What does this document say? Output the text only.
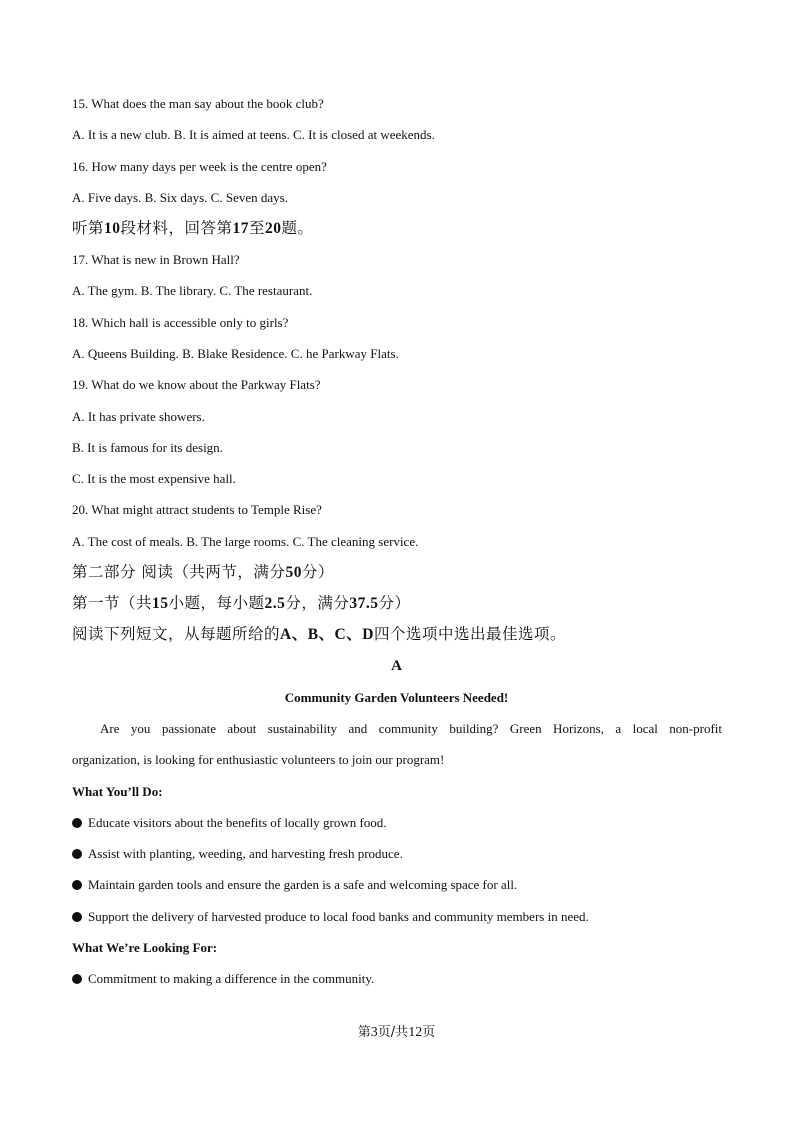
15. What does the man say about the book club?

A. It is a new club. B. It is aimed at teens. C. It is closed at weekends.

16. How many days per week is the centre open?

A. Five days. B. Six days. C. Seven days.

听第10段材料，回答第17至20题。

17. What is new in Brown Hall?

A. The gym. B. The library. C. The restaurant.

18. Which hall is accessible only to girls?

A. Queens Building. B. Blake Residence. C. he Parkway Flats.

19. What do we know about the Parkway Flats?

A. It has private showers.

B. It is famous for its design.

C. It is the most expensive hall.

20. What might attract students to Temple Rise?

A. The cost of meals. B. The large rooms. C. The cleaning service.

第二部分 阅读（共两节，满分50分）

第一节（共15小题，每小题2.5分，满分37.5分）

阅读下列短文，从每题所给的A、B、C、D四个选项中选出最佳选项。

A

Community Garden Volunteers Needed!

Are you passionate about sustainability and community building? Green Horizons, a local non-profit

organization, is looking for enthusiastic volunteers to join our program!

What You’ll Do:

Educate visitors about the benefits of locally grown food.

Assist with planting, weeding, and harvesting fresh produce.

Maintain garden tools and ensure the garden is a safe and welcoming space for all.

Support the delivery of harvested produce to local food banks and community members in need.

What We’re Looking For:

Commitment to making a difference in the community.

第3页/共12页
